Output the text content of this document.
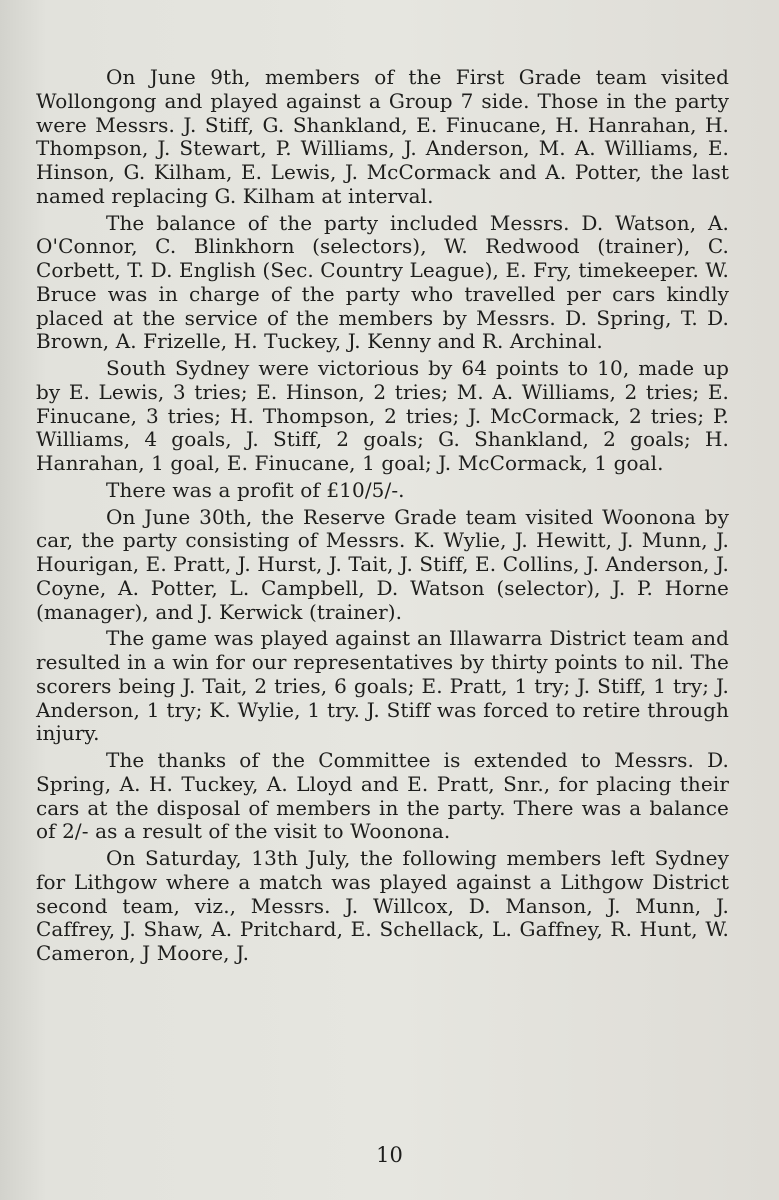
On June 9th, members of the First Grade team visited Wollongong and played against a Group 7 side. Those in the party were Messrs. J. Stiff, G. Shankland, E. Finucane, H. Hanrahan, H. Thompson, J. Stewart, P. Williams, J. Anderson, M. A. Williams, E. Hinson, G. Kilham, E. Lewis, J. McCormack and A. Potter, the last named replacing G. Kilham at interval.

The balance of the party included Messrs. D. Watson, A. O'Connor, C. Blinkhorn (selectors), W. Redwood (trainer), C. Corbett, T. D. English (Sec. Country League), E. Fry, timekeeper. W. Bruce was in charge of the party who travelled per cars kindly placed at the service of the members by Messrs. D. Spring, T. D. Brown, A. Frizelle, H. Tuckey, J. Kenny and R. Archinal.

South Sydney were victorious by 64 points to 10, made up by E. Lewis, 3 tries; E. Hinson, 2 tries; M. A. Williams, 2 tries; E. Finucane, 3 tries; H. Thompson, 2 tries; J. McCormack, 2 tries; P. Williams, 4 goals, J. Stiff, 2 goals; G. Shankland, 2 goals; H. Hanrahan, 1 goal, E. Finucane, 1 goal; J. McCormack, 1 goal.

There was a profit of £10/5/-.

On June 30th, the Reserve Grade team visited Woonona by car, the party consisting of Messrs. K. Wylie, J. Hewitt, J. Munn, J. Hourigan, E. Pratt, J. Hurst, J. Tait, J. Stiff, E. Collins, J. Anderson, J. Coyne, A. Potter, L. Campbell, D. Watson (selector), J. P. Horne (manager), and J. Kerwick (trainer).

The game was played against an Illawarra District team and resulted in a win for our representatives by thirty points to nil. The scorers being J. Tait, 2 tries, 6 goals; E. Pratt, 1 try; J. Stiff, 1 try; J. Anderson, 1 try; K. Wylie, 1 try. J. Stiff was forced to retire through injury.

The thanks of the Committee is extended to Messrs. D. Spring, A. H. Tuckey, A. Lloyd and E. Pratt, Snr., for placing their cars at the disposal of members in the party. There was a balance of 2/- as a result of the visit to Woonona.

On Saturday, 13th July, the following members left Sydney for Lithgow where a match was played against a Lithgow District second team, viz., Messrs. J. Willcox, D. Manson, J. Munn, J. Caffrey, J. Shaw, A. Pritchard, E. Schellack, L. Gaffney, R. Hunt, W. Cameron, J Moore, J.

10
